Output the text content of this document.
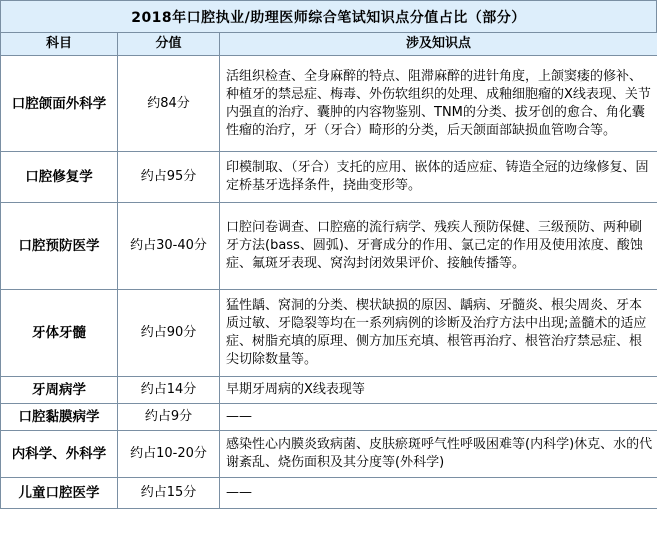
2018年口腔执业/助理医师综合笔试知识点分值占比（部分）
科目	分值	涉及知识点
口腔颌面外科学	约84分	活组织检查、全身麻醉的特点、阻滞麻醉的进针角度，上颌窦瘘的修补、种植牙的禁忌症、梅毒、外伤软组织的处理、成釉细胞瘤的X线表现、关节内强直的治疗、囊肿的内容物鉴别、TNM的分类、拔牙创的愈合、角化囊性瘤的治疗，牙（牙合）畸形的分类，后天颌面部缺损血管吻合等。
口腔修复学	约占95分	印模制取、（牙合）支托的应用、嵌体的适应症、铸造全冠的边缘修复、固定桥基牙选择条件，挠曲变形等。
口腔预防医学	约占30-40分	口腔问卷调查、口腔癌的流行病学、残疾人预防保健、三级预防、两种刷牙方法(bass、圆弧)、牙膏成分的作用、氯己定的作用及使用浓度、酸蚀症、氟斑牙表现、窝沟封闭效果评价、接触传播等。
牙体牙髓	约占90分	猛性龋、窝洞的分类、楔状缺损的原因、龋病、牙髓炎、根尖周炎、牙本质过敏、牙隐裂等均在一系列病例的诊断及治疗方法中出现;盖髓术的适应症、树脂充填的原理、侧方加压充填、根管再治疗、根管治疗禁忌症、根尖切除数量等。
牙周病学	约占14分	早期牙周病的X线表现等
口腔黏膜病学	约占9分	——
内科学、外科学	约占10-20分	感染性心内膜炎致病菌、皮肤瘀斑呼气性呼吸困难等(内科学)休克、水的代谢紊乱、烧伤面积及其分度等(外科学)
儿童口腔医学	约占15分	——
